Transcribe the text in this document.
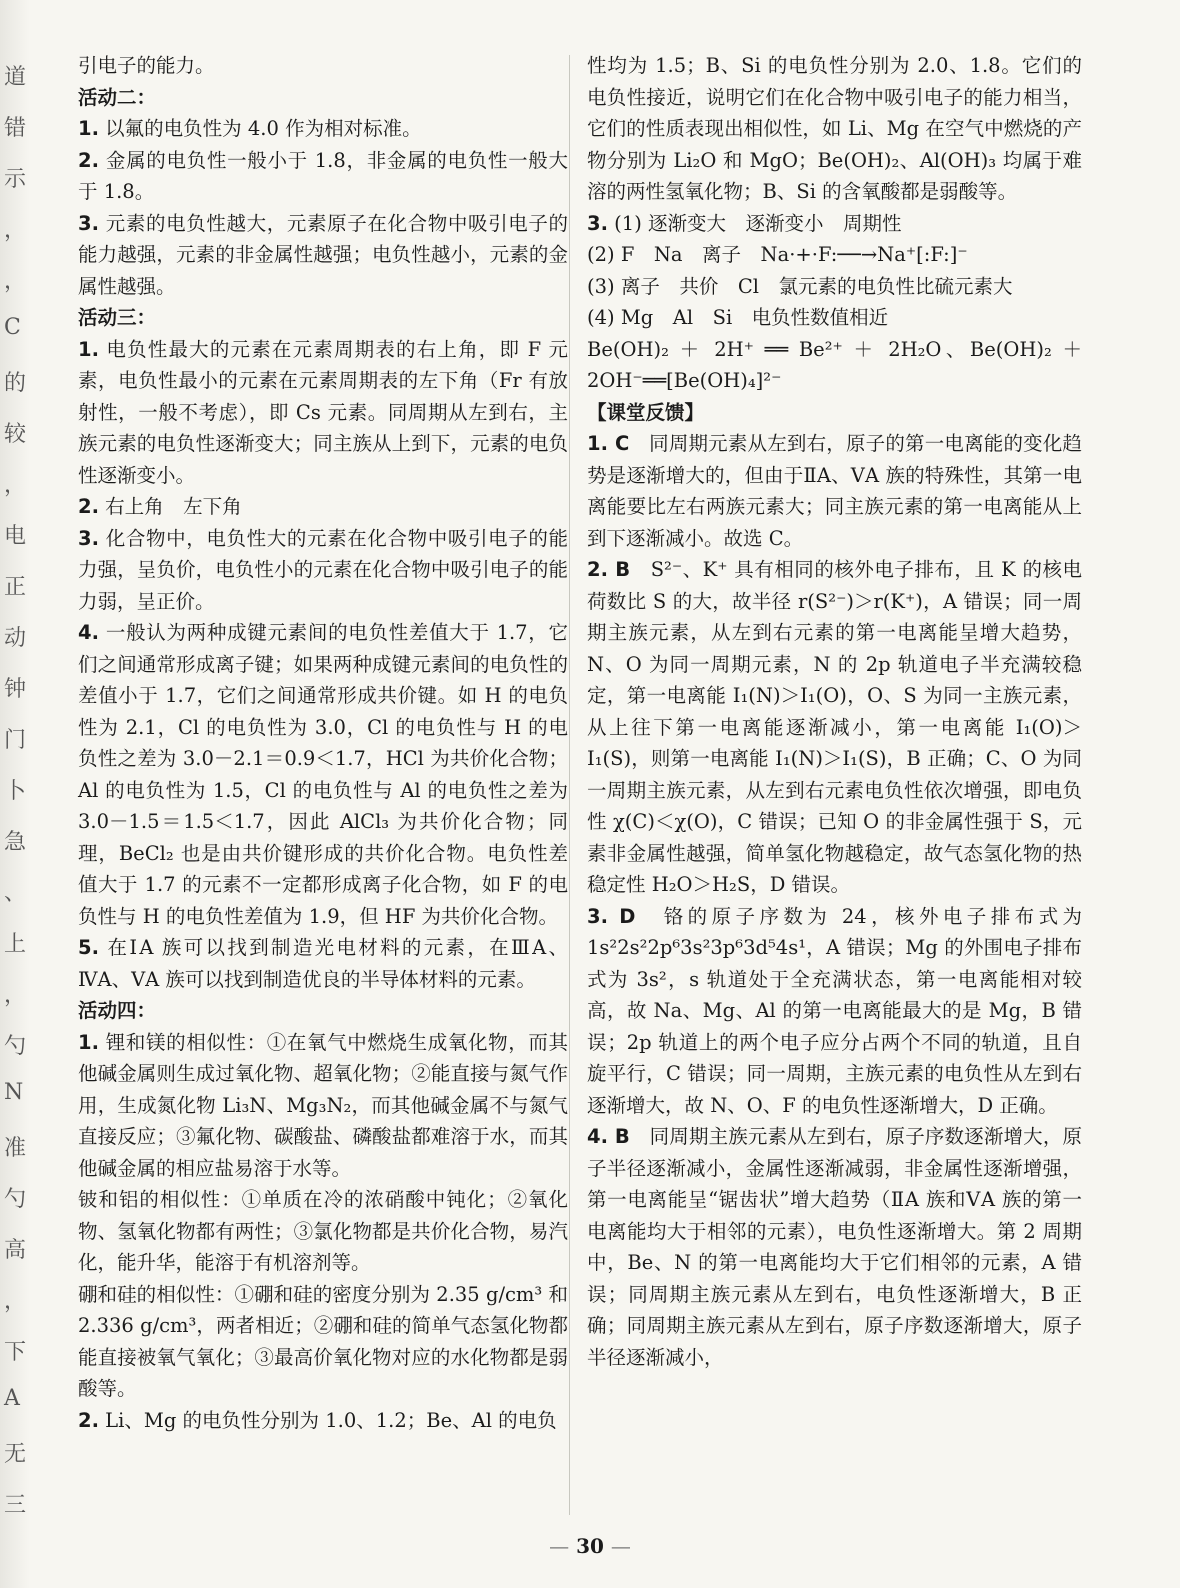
道
错
示
，
，
C
的
较
，
电
正
动
钟
门
卜
急
、
上
，
勺
N
准
勺
高
，
下
A
无
三

引电子的能力。

活动二：

1. 以氟的电负性为 4.0 作为相对标准。

2. 金属的电负性一般小于 1.8，非金属的电负性一般大于 1.8。

3. 元素的电负性越大，元素原子在化合物中吸引电子的能力越强，元素的非金属性越强；电负性越小，元素的金属性越强。

活动三：

1. 电负性最大的元素在元素周期表的右上角，即 F 元素，电负性最小的元素在元素周期表的左下角（Fr 有放射性，一般不考虑），即 Cs 元素。同周期从左到右，主族元素的电负性逐渐变大；同主族从上到下，元素的电负性逐渐变小。

2. 右上角　左下角

3. 化合物中，电负性大的元素在化合物中吸引电子的能力强，呈负价，电负性小的元素在化合物中吸引电子的能力弱，呈正价。

4. 一般认为两种成键元素间的电负性差值大于 1.7，它们之间通常形成离子键；如果两种成键元素间的电负性的差值小于 1.7，它们之间通常形成共价键。如 H 的电负性为 2.1，Cl 的电负性为 3.0，Cl 的电负性与 H 的电负性之差为 3.0－2.1＝0.9＜1.7，HCl 为共价化合物；Al 的电负性为 1.5，Cl 的电负性与 Al 的电负性之差为 3.0－1.5＝1.5＜1.7，因此 AlCl₃ 为共价化合物；同理，BeCl₂ 也是由共价键形成的共价化合物。电负性差值大于 1.7 的元素不一定都形成离子化合物，如 F 的电负性与 H 的电负性差值为 1.9，但 HF 为共价化合物。

5. 在ⅠA 族可以找到制造光电材料的元素，在ⅢA、ⅣA、ⅤA 族可以找到制造优良的半导体材料的元素。

活动四：

1. 锂和镁的相似性：①在氧气中燃烧生成氧化物，而其他碱金属则生成过氧化物、超氧化物；②能直接与氮气作用，生成氮化物 Li₃N、Mg₃N₂，而其他碱金属不与氮气直接反应；③氟化物、碳酸盐、磷酸盐都难溶于水，而其他碱金属的相应盐易溶于水等。

铍和铝的相似性：①单质在冷的浓硝酸中钝化；②氧化物、氢氧化物都有两性；③氯化物都是共价化合物，易汽化，能升华，能溶于有机溶剂等。

硼和硅的相似性：①硼和硅的密度分别为 2.35 g/cm³ 和 2.336 g/cm³，两者相近；②硼和硅的简单气态氢化物都能直接被氧气氧化；③最高价氧化物对应的水化物都是弱酸等。

2. Li、Mg 的电负性分别为 1.0、1.2；Be、Al 的电负

性均为 1.5；B、Si 的电负性分别为 2.0、1.8。它们的电负性接近，说明它们在化合物中吸引电子的能力相当，它们的性质表现出相似性，如 Li、Mg 在空气中燃烧的产物分别为 Li₂O 和 MgO；Be(OH)₂、Al(OH)₃ 均属于难溶的两性氢氧化物；B、Si 的含氧酸都是弱酸等。

3. (1) 逐渐变大　逐渐变小　周期性

(2) F　Na　离子　Na·+·F:──→Na⁺[:F:]⁻

(3) 离子　共价　Cl　氯元素的电负性比硫元素大

(4) Mg　Al　Si　电负性数值相近

Be(OH)₂ ＋ 2H⁺ ══ Be²⁺ ＋ 2H₂O、Be(OH)₂ ＋ 2OH⁻══[Be(OH)₄]²⁻

【课堂反馈】

1. C　同周期元素从左到右，原子的第一电离能的变化趋势是逐渐增大的，但由于ⅡA、ⅤA 族的特殊性，其第一电离能要比左右两族元素大；同主族元素的第一电离能从上到下逐渐减小。故选 C。

2. B　S²⁻、K⁺ 具有相同的核外电子排布，且 K 的核电荷数比 S 的大，故半径 r(S²⁻)＞r(K⁺)，A 错误；同一周期主族元素，从左到右元素的第一电离能呈增大趋势，N、O 为同一周期元素，N 的 2p 轨道电子半充满较稳定，第一电离能 I₁(N)＞I₁(O)，O、S 为同一主族元素，从上往下第一电离能逐渐减小，第一电离能 I₁(O)＞I₁(S)，则第一电离能 I₁(N)＞I₁(S)，B 正确；C、O 为同一周期主族元素，从左到右元素电负性依次增强，即电负性 χ(C)＜χ(O)，C 错误；已知 O 的非金属性强于 S，元素非金属性越强，简单氢化物越稳定，故气态氢化物的热稳定性 H₂O＞H₂S，D 错误。

3. D　铬的原子序数为 24，核外电子排布式为 1s²2s²2p⁶3s²3p⁶3d⁵4s¹，A 错误；Mg 的外围电子排布式为 3s²，s 轨道处于全充满状态，第一电离能相对较高，故 Na、Mg、Al 的第一电离能最大的是 Mg，B 错误；2p 轨道上的两个电子应分占两个不同的轨道，且自旋平行，C 错误；同一周期，主族元素的电负性从左到右逐渐增大，故 N、O、F 的电负性逐渐增大，D 正确。

4. B　同周期主族元素从左到右，原子序数逐渐增大，原子半径逐渐减小，金属性逐渐减弱，非金属性逐渐增强，第一电离能呈“锯齿状”增大趋势（ⅡA 族和ⅤA 族的第一电离能均大于相邻的元素），电负性逐渐增大。第 2 周期中，Be、N 的第一电离能均大于它们相邻的元素，A 错误；同周期主族元素从左到右，电负性逐渐增大，B 正确；同周期主族元素从左到右，原子序数逐渐增大，原子半径逐渐减小，

— 30 —
